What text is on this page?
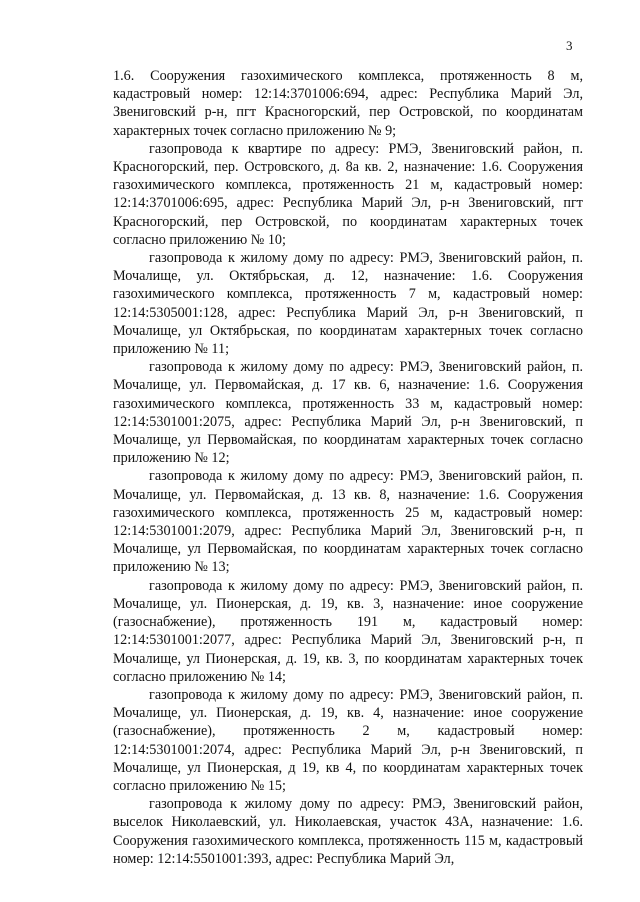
3

1.6. Сооружения газохимического комплекса, протяженность 8 м, кадастровый номер: 12:14:3701006:694, адрес: Республика Марий Эл, Звениговский р-н, пгт Красногорский, пер Островской, по координатам характерных точек согласно приложению № 9;

газопровода к квартире по адресу: РМЭ, Звениговский район, п. Красногорский, пер. Островского, д. 8а кв. 2, назначение: 1.6. Сооружения газохимического комплекса, протяженность 21 м, кадастровый номер: 12:14:3701006:695, адрес: Республика Марий Эл, р-н Звениговский, пгт Красногорский, пер Островской, по координатам характерных точек согласно приложению № 10;

газопровода к жилому дому по адресу: РМЭ, Звениговский район, п. Мочалище, ул. Октябрьская, д. 12, назначение: 1.6. Сооружения газохимического комплекса, протяженность 7 м, кадастровый номер: 12:14:5305001:128, адрес: Республика Марий Эл, р-н Звениговский, п Мочалище, ул Октябрьская, по координатам характерных точек согласно приложению № 11;

газопровода к жилому дому по адресу: РМЭ, Звениговский район, п. Мочалище, ул. Первомайская, д. 17 кв. 6, назначение: 1.6. Сооружения газохимического комплекса, протяженность 33 м, кадастровый номер: 12:14:5301001:2075, адрес: Республика Марий Эл, р-н Звениговский, п Мочалище, ул Первомайская, по координатам характерных точек согласно приложению № 12;

газопровода к жилому дому по адресу: РМЭ, Звениговский район, п. Мочалище, ул. Первомайская, д. 13 кв. 8, назначение: 1.6. Сооружения газохимического комплекса, протяженность 25 м, кадастровый номер: 12:14:5301001:2079, адрес: Республика Марий Эл, Звениговский р-н, п Мочалище, ул Первомайская, по координатам характерных точек согласно приложению № 13;

газопровода к жилому дому по адресу: РМЭ, Звениговский район, п. Мочалище, ул. Пионерская, д. 19, кв. 3, назначение: иное сооружение (газоснабжение), протяженность 191 м, кадастровый номер: 12:14:5301001:2077, адрес: Республика Марий Эл, Звениговский р-н, п Мочалище, ул Пионерская, д. 19, кв. 3, по координатам характерных точек согласно приложению № 14;

газопровода к жилому дому по адресу: РМЭ, Звениговский район, п. Мочалище, ул. Пионерская, д. 19, кв. 4, назначение: иное сооружение (газоснабжение), протяженность 2 м, кадастровый номер: 12:14:5301001:2074, адрес: Республика Марий Эл, р-н Звениговский, п Мочалище, ул Пионерская, д 19, кв 4, по координатам характерных точек согласно приложению № 15;

газопровода к жилому дому по адресу: РМЭ, Звениговский район, выселок Николаевский, ул. Николаевская, участок 43А, назначение: 1.6. Сооружения газохимического комплекса, протяженность 115 м, кадастровый номер: 12:14:5501001:393, адрес: Республика Марий Эл,
